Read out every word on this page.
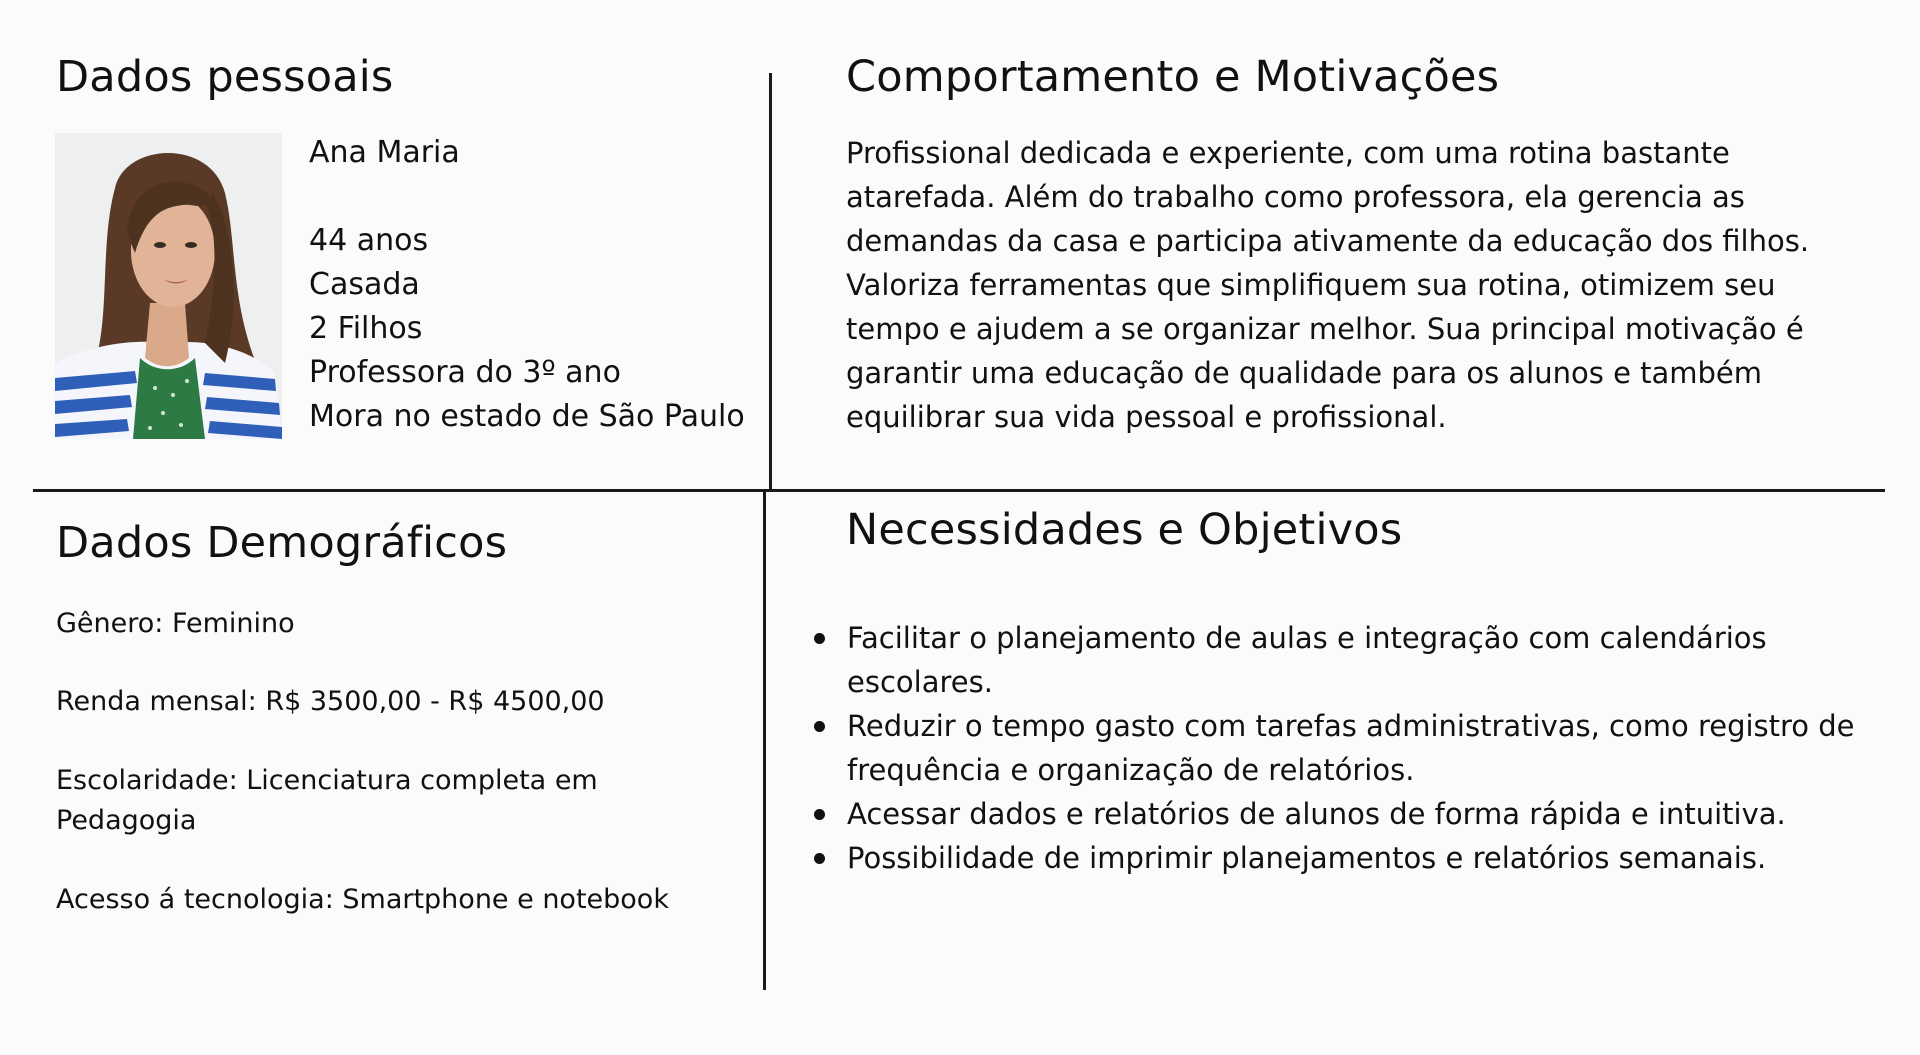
Dados pessoais
Ana Maria
44 anos
Casada
2 Filhos
Professora do 3º ano
Mora no estado de São Paulo
Comportamento e Motivações

Profissional dedicada e experiente, com uma rotina bastante atarefada. Além do trabalho como professora, ela gerencia as demandas da casa e participa ativamente da educação dos filhos. Valoriza ferramentas que simplifiquem sua rotina, otimizem seu tempo e ajudem a se organizar melhor. Sua principal motivação é garantir uma educação de qualidade para os alunos e também equilibrar sua vida pessoal e profissional.

Dados Demográficos

Gênero: Feminino

Renda mensal: R$ 3500,00 - R$ 4500,00

Escolaridade: Licenciatura completa em Pedagogia

Acesso á tecnologia: Smartphone e notebook

Necessidades e Objetivos
Facilitar o planejamento de aulas e integração com calendários escolares.
Reduzir o tempo gasto com tarefas administrativas, como registro de frequência e organização de relatórios.
Acessar dados e relatórios de alunos de forma rápida e intuitiva.
Possibilidade de imprimir planejamentos e relatórios semanais.
